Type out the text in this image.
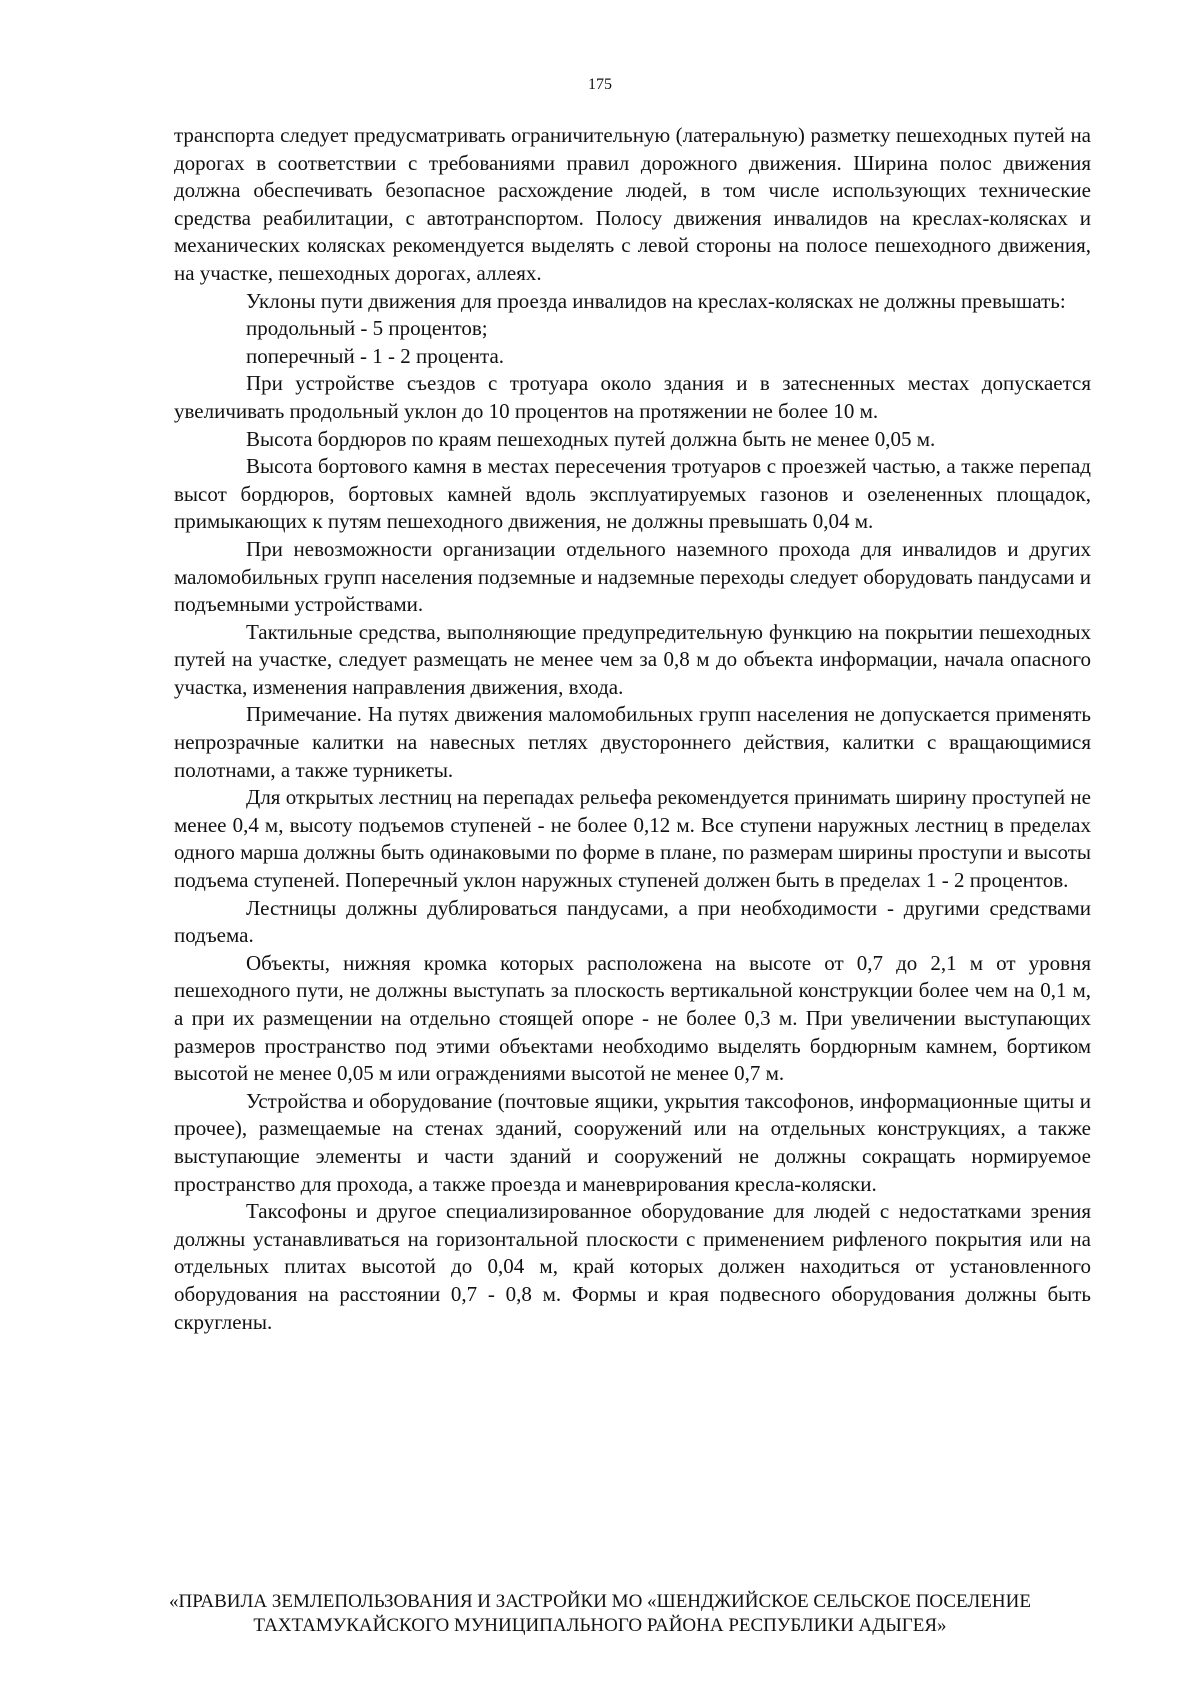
175

транспорта следует предусматривать ограничительную (латеральную) разметку пешеходных путей на дорогах в соответствии с требованиями правил дорожного движения. Ширина полос движения должна обеспечивать безопасное расхождение людей, в том числе использующих технические средства реабилитации, с автотранспортом. Полосу движения инвалидов на креслах-колясках и механических колясках рекомендуется выделять с левой стороны на полосе пешеходного движения, на участке, пешеходных дорогах, аллеях.

Уклоны пути движения для проезда инвалидов на креслах-колясках не должны превышать:

продольный - 5 процентов;

поперечный - 1 - 2 процента.

При устройстве съездов с тротуара около здания и в затесненных местах допускается увеличивать продольный уклон до 10 процентов на протяжении не более 10 м.

Высота бордюров по краям пешеходных путей должна быть не менее 0,05 м.

Высота бортового камня в местах пересечения тротуаров с проезжей частью, а также перепад высот бордюров, бортовых камней вдоль эксплуатируемых газонов и озелененных площадок, примыкающих к путям пешеходного движения, не должны превышать 0,04 м.

При невозможности организации отдельного наземного прохода для инвалидов и других маломобильных групп населения подземные и надземные переходы следует оборудовать пандусами и подъемными устройствами.

Тактильные средства, выполняющие предупредительную функцию на покрытии пешеходных путей на участке, следует размещать не менее чем за 0,8 м до объекта информации, начала опасного участка, изменения направления движения, входа.

Примечание. На путях движения маломобильных групп населения не допускается применять непрозрачные калитки на навесных петлях двустороннего действия, калитки с вращающимися полотнами, а также турникеты.

Для открытых лестниц на перепадах рельефа рекомендуется принимать ширину проступей не менее 0,4 м, высоту подъемов ступеней - не более 0,12 м. Все ступени наружных лестниц в пределах одного марша должны быть одинаковыми по форме в плане, по размерам ширины проступи и высоты подъема ступеней. Поперечный уклон наружных ступеней должен быть в пределах 1 - 2 процентов.

Лестницы должны дублироваться пандусами, а при необходимости - другими средствами подъема.

Объекты, нижняя кромка которых расположена на высоте от 0,7 до 2,1 м от уровня пешеходного пути, не должны выступать за плоскость вертикальной конструкции более чем на 0,1 м, а при их размещении на отдельно стоящей опоре - не более 0,3 м. При увеличении выступающих размеров пространство под этими объектами необходимо выделять бордюрным камнем, бортиком высотой не менее 0,05 м или ограждениями высотой не менее 0,7 м.

Устройства и оборудование (почтовые ящики, укрытия таксофонов, информационные щиты и прочее), размещаемые на стенах зданий, сооружений или на отдельных конструкциях, а также выступающие элементы и части зданий и сооружений не должны сокращать нормируемое пространство для прохода, а также проезда и маневрирования кресла-коляски.

Таксофоны и другое специализированное оборудование для людей с недостатками зрения должны устанавливаться на горизонтальной плоскости с применением рифленого покрытия или на отдельных плитах высотой до 0,04 м, край которых должен находиться от установленного оборудования на расстоянии 0,7 - 0,8 м. Формы и края подвесного оборудования должны быть скруглены.

«ПРАВИЛА ЗЕМЛЕПОЛЬЗОВАНИЯ И ЗАСТРОЙКИ МО «ШЕНДЖИЙСКОЕ СЕЛЬСКОЕ ПОСЕЛЕНИЕ
ТАХТАМУКАЙСКОГО МУНИЦИПАЛЬНОГО РАЙОНА РЕСПУБЛИКИ АДЫГЕЯ»
